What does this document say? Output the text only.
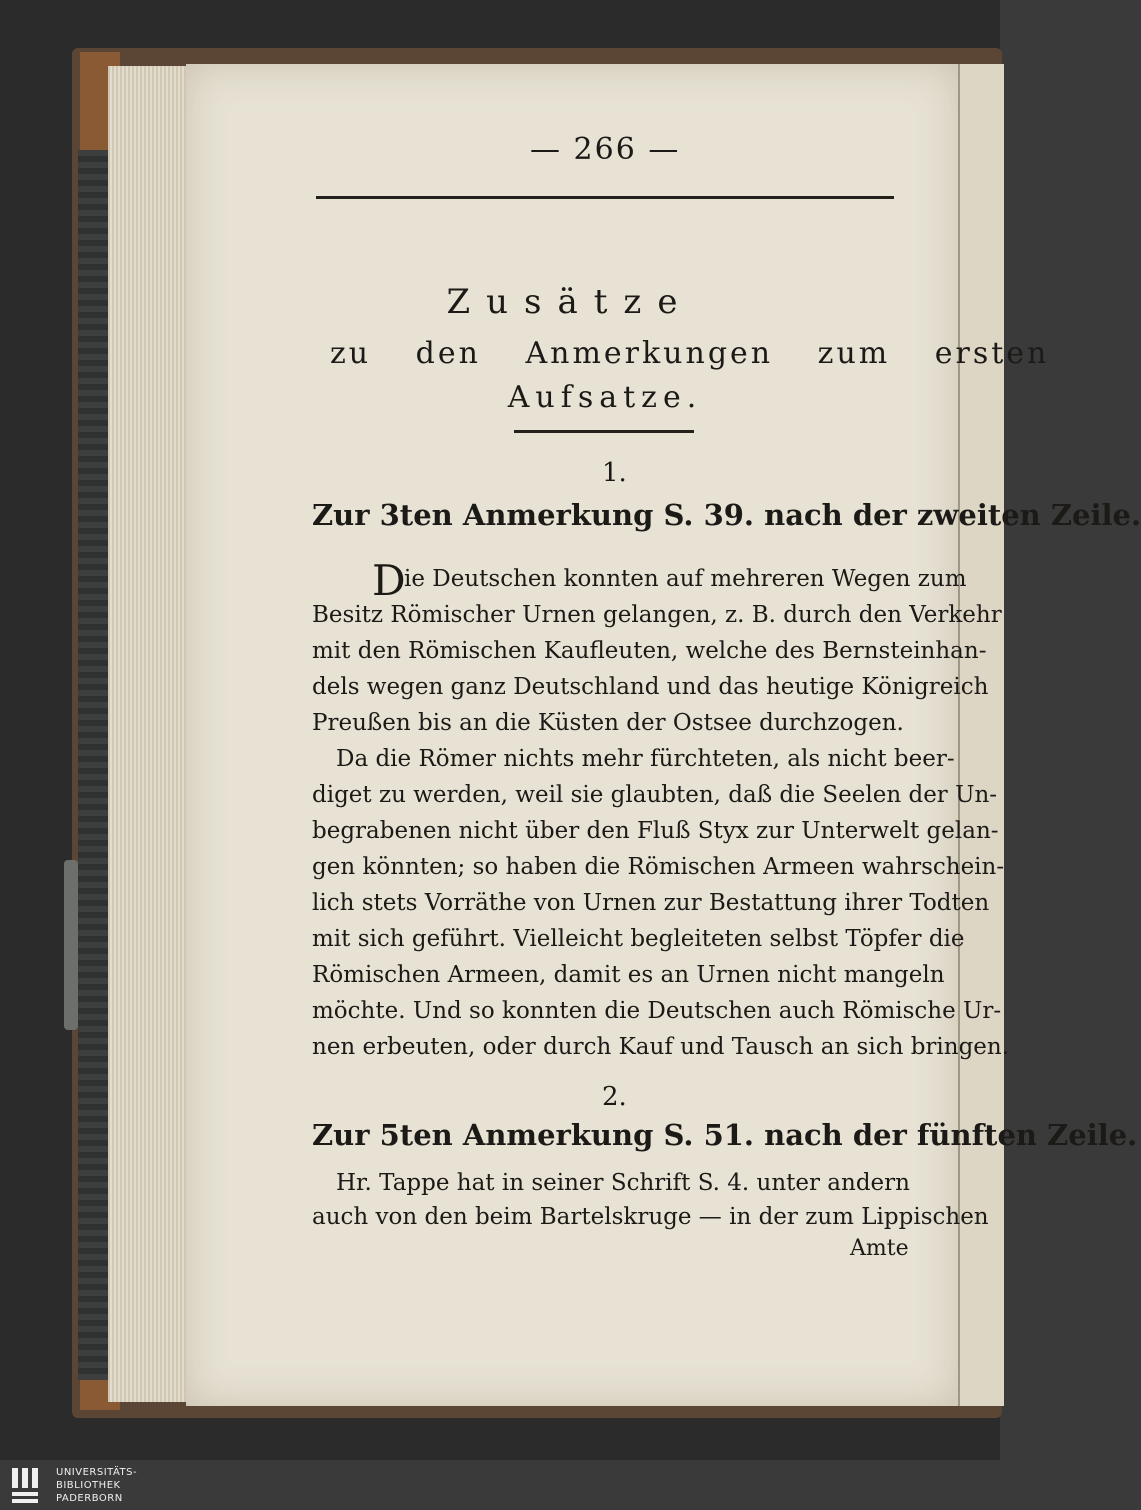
— 266 —
Zusätze
zu den Anmerkungen zum ersten
Aufsatze.
1.
Zur 3ten Anmerkung S. 39. nach der zweiten Zeile.
D
ie Deutschen konnten auf mehreren Wegen zum
Besitz Römischer Urnen gelangen, z. B. durch den Verkehr
mit den Römischen Kaufleuten, welche des Bernsteinhan-
dels wegen ganz Deutschland und das heutige Königreich
Preußen bis an die Küsten der Ostsee durchzogen.
Da die Römer nichts mehr fürchteten, als nicht beer-
diget zu werden, weil sie glaubten, daß die Seelen der Un-
begrabenen nicht über den Fluß Styx zur Unterwelt gelan-
gen könnten; so haben die Römischen Armeen wahrschein-
lich stets Vorräthe von Urnen zur Bestattung ihrer Todten
mit sich geführt. Vielleicht begleiteten selbst Töpfer die
Römischen Armeen, damit es an Urnen nicht mangeln
möchte. Und so konnten die Deutschen auch Römische Ur-
nen erbeuten, oder durch Kauf und Tausch an sich bringen.
2.
Zur 5ten Anmerkung S. 51. nach der fünften Zeile.
Hr. Tappe hat in seiner Schrift S. 4. unter andern
auch von den beim Bartelskruge — in der zum Lippischen
Amte
UNIVERSITÄTS-
BIBLIOTHEK
PADERBORN
